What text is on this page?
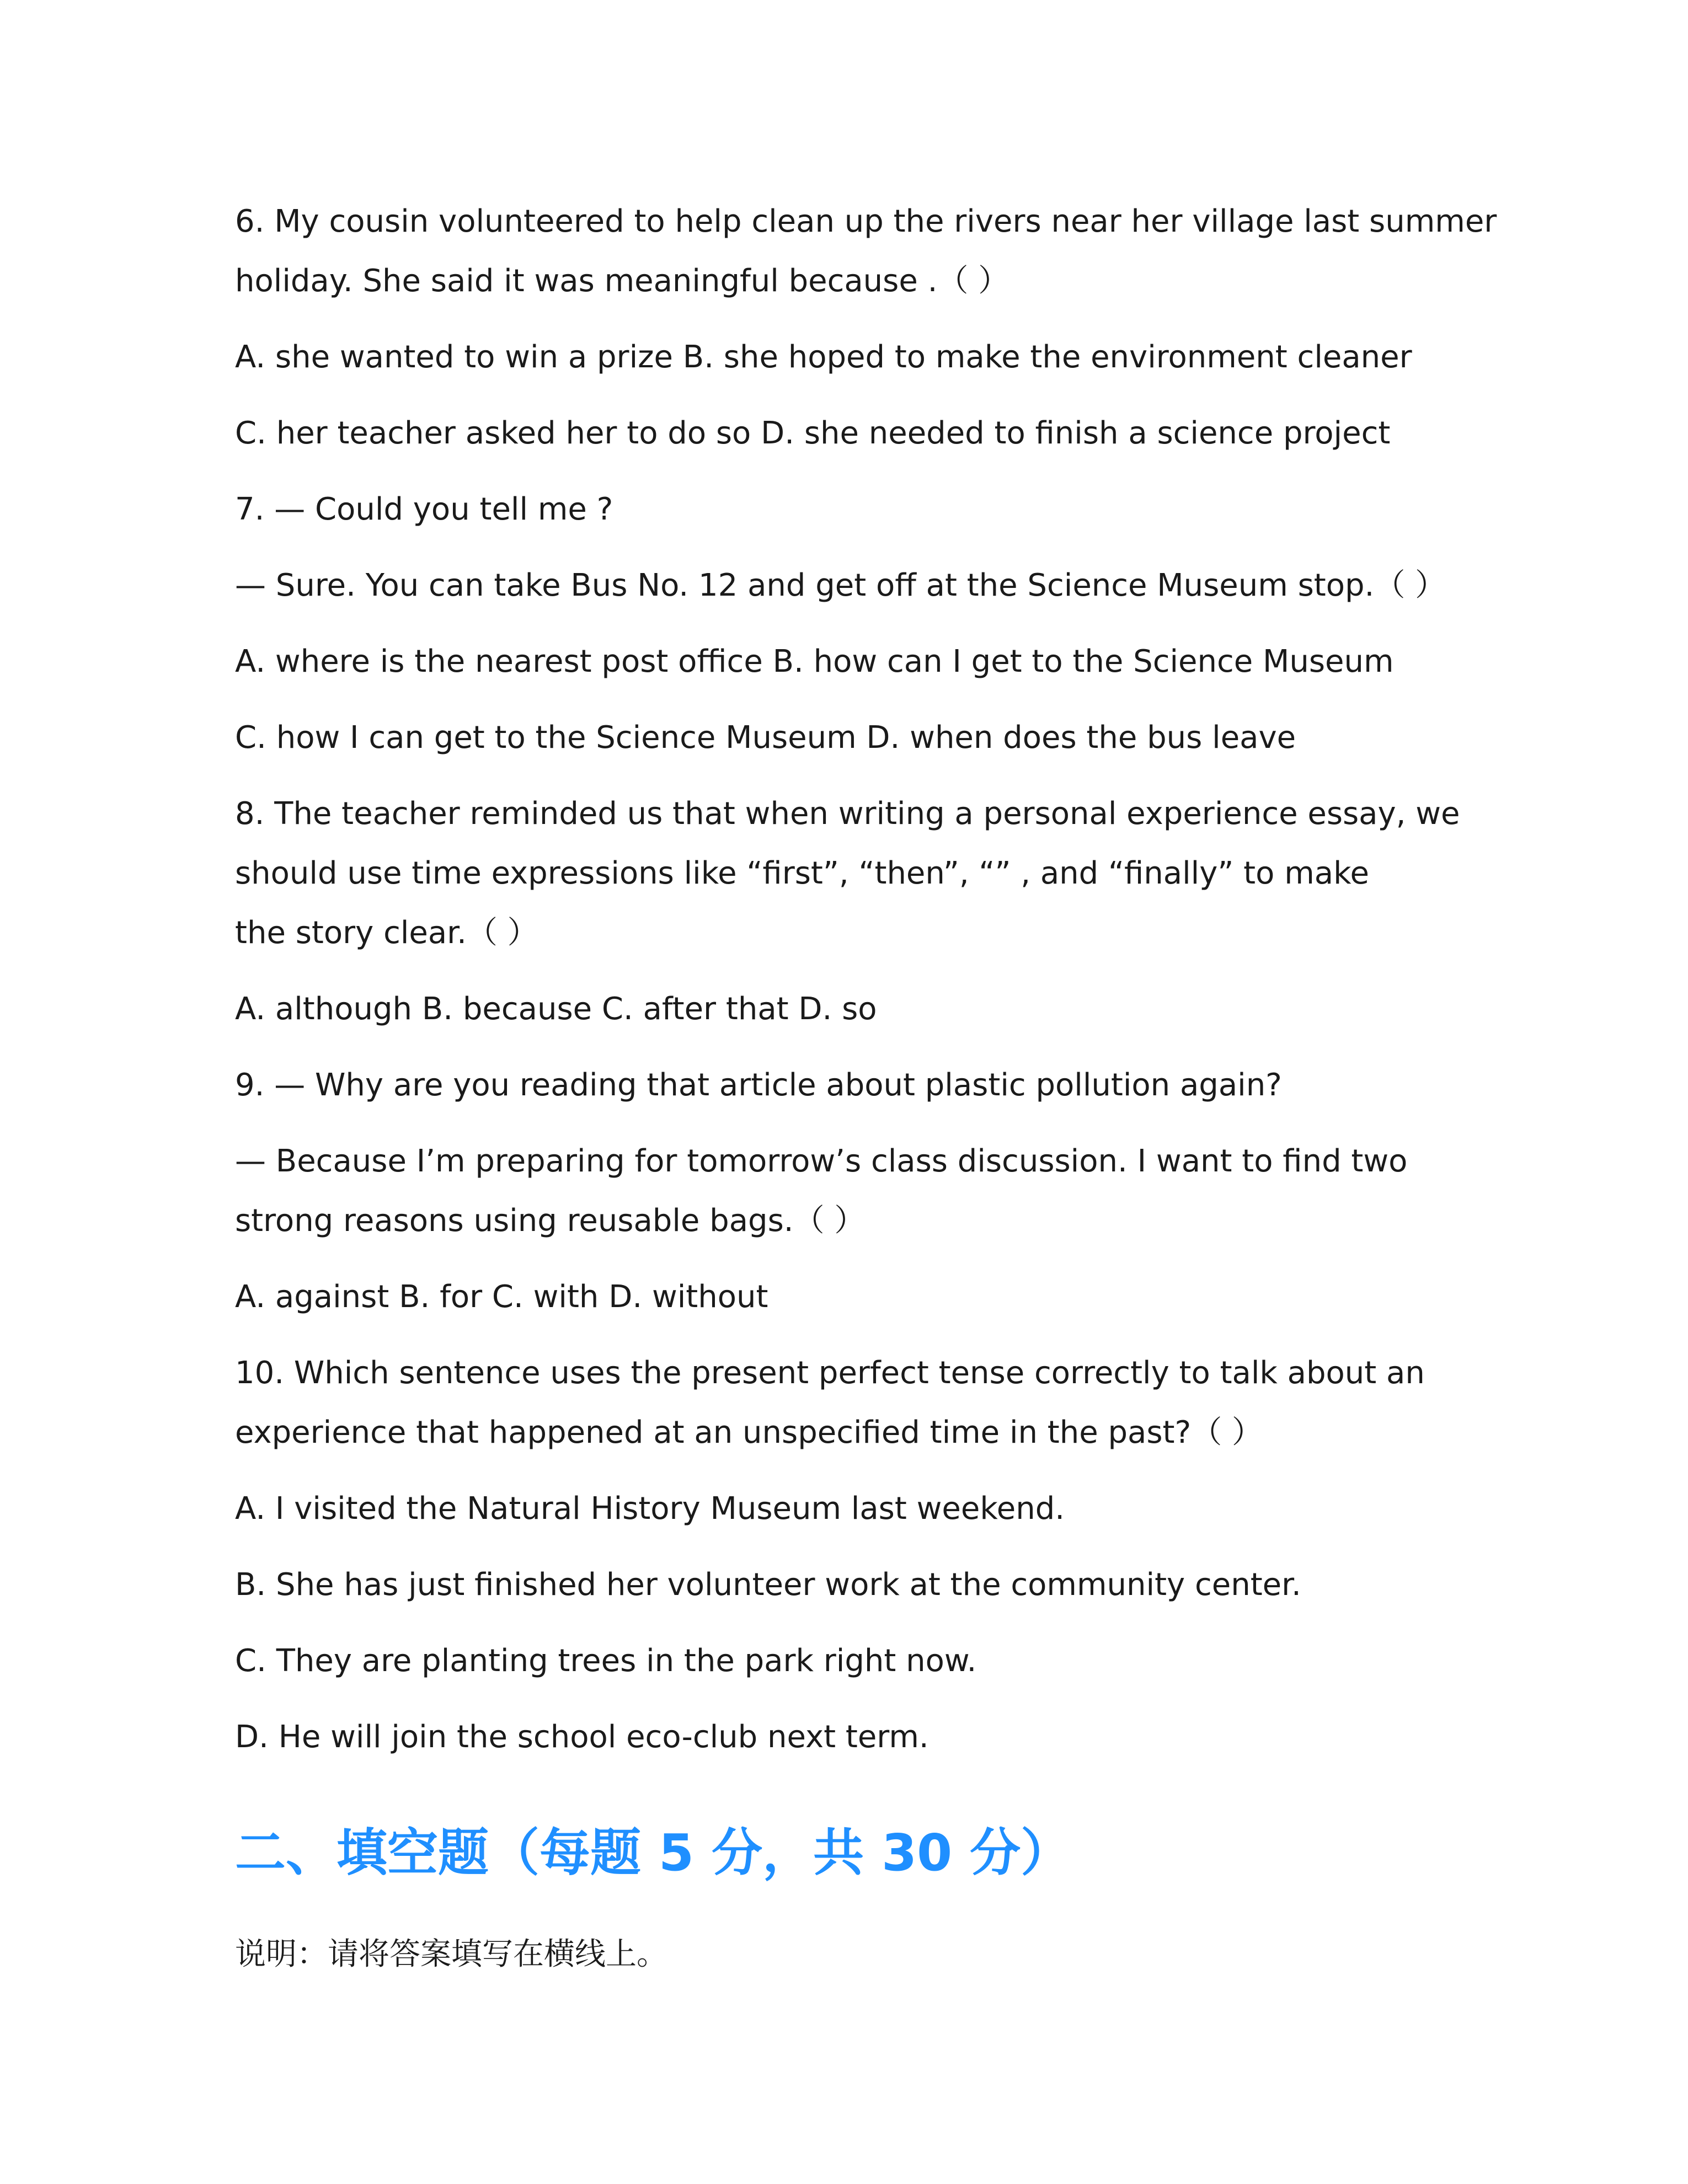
6. My cousin volunteered to help clean up the rivers near her village last summer

holiday. She said it was meaningful because .（ ）

A. she wanted to win a prize B. she hoped to make the environment cleaner

C. her teacher asked her to do so D. she needed to finish a science project

7. — Could you tell me ?

— Sure. You can take Bus No. 12 and get off at the Science Museum stop.（ ）

A. where is the nearest post office B. how can I get to the Science Museum

C. how I can get to the Science Museum D. when does the bus leave

8. The teacher reminded us that when writing a personal experience essay, we

should use time expressions like “first”, “then”, “” , and “finally” to make

the story clear.（ ）

A. although B. because C. after that D. so

9. — Why are you reading that article about plastic pollution again?

— Because I’m preparing for tomorrow’s class discussion. I want to find two

strong reasons using reusable bags.（ ）

A. against B. for C. with D. without

10. Which sentence uses the present perfect tense correctly to talk about an

experience that happened at an unspecified time in the past?（ ）

A. I visited the Natural History Museum last weekend.

B. She has just finished her volunteer work at the community center.

C. They are planting trees in the park right now.

D. He will join the school eco-club next term.

二、填空题（每题 5 分，共 30 分）

说明：请将答案填写在横线上。
